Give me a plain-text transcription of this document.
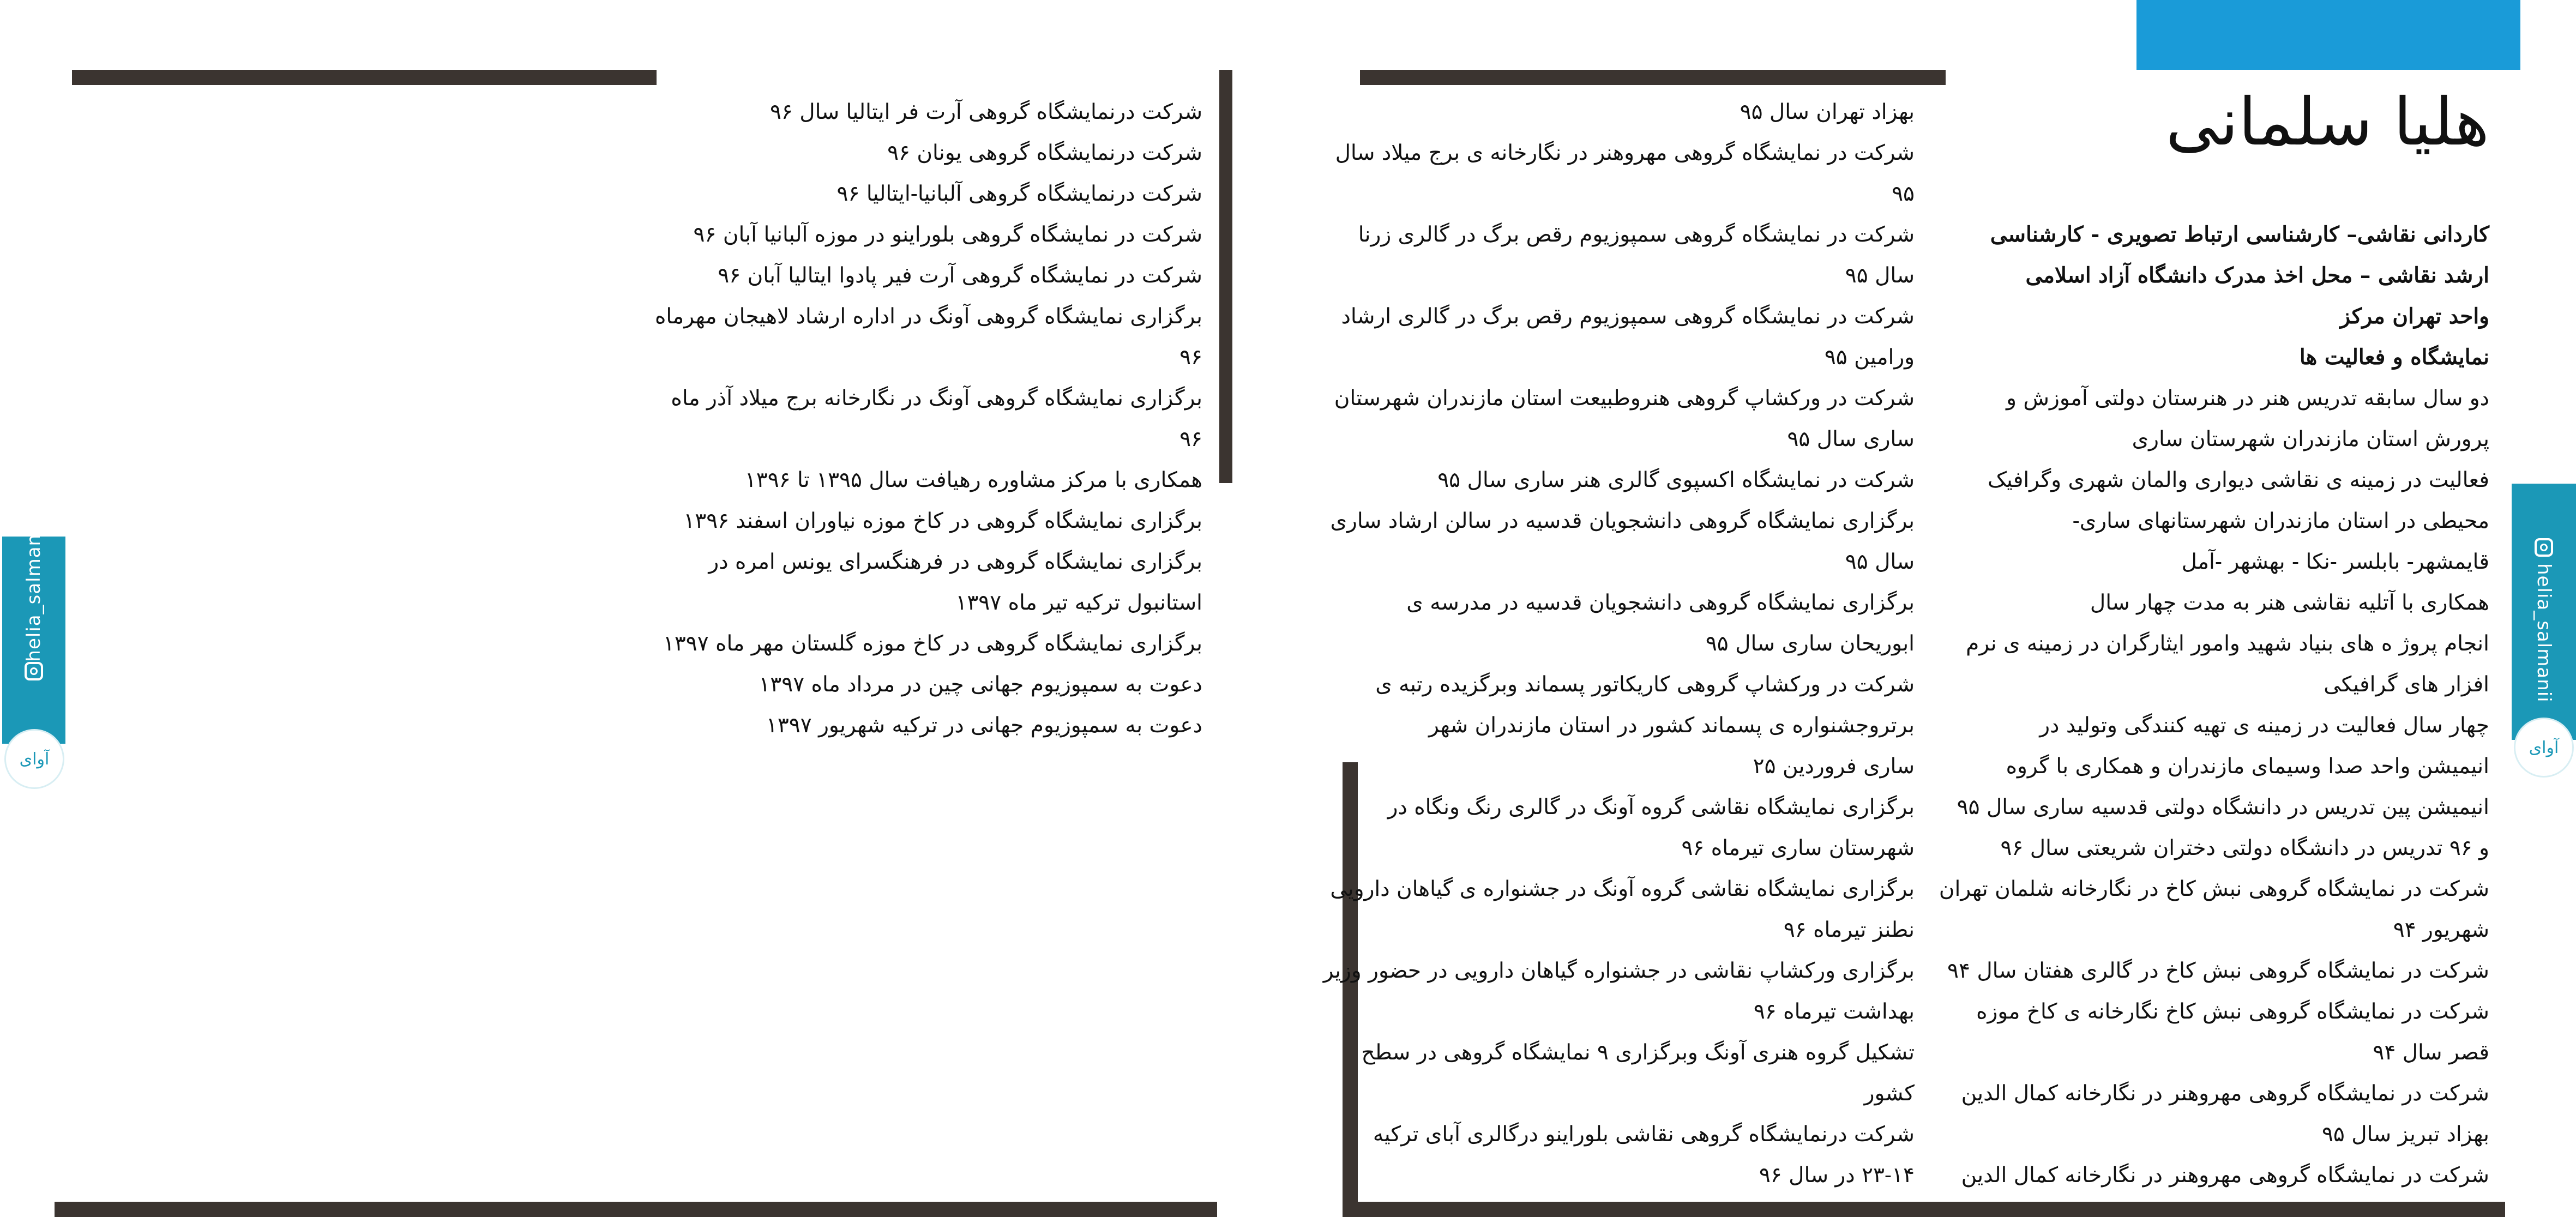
هلیا سلمانی
کاردانی نقاشی– کارشناسی ارتباط تصویری - کارشناسی
ارشد نقاشی – محل اخذ مدرک دانشگاه آزاد اسلامی
واحد تهران مرکز
نمایشگاه و فعالیت ها
دو سال سابقه تدریس هنر در هنرستان دولتی آموزش و
پرورش استان مازندران شهرستان ساری
فعالیت در زمینه ی نقاشی دیواری والمان شهری وگرافیک
محیطی در استان مازندران شهرستانهای ساری-
قایمشهر- بابلسر -نکا - بهشهر -آمل
همکاری با آتلیه نقاشی هنر به مدت چهار سال
انجام پروژ ه های بنیاد شهید وامور ایثارگران در زمینه ی نرم
افزار های گرافیکی
چهار سال فعالیت در زمینه ی تهیه کنندگی وتولید در
انیمیشن واحد صدا وسیمای مازندران و همکاری با گروه
انیمیشن پین تدریس در دانشگاه دولتی قدسیه ساری سال ۹۵
و ۹۶ تدریس در دانشگاه دولتی دختران شریعتی سال ۹۶
شرکت در نمایشگاه گروهی نبش کاخ در نگارخانه شلمان تهران
شهریور ۹۴
شرکت در نمایشگاه گروهی نبش کاخ در گالری هفتان سال ۹۴
شرکت در نمایشگاه گروهی نبش کاخ نگارخانه ی کاخ موزه
قصر سال ۹۴
شرکت در نمایشگاه گروهی مهروهنر در نگارخانه کمال الدین
بهزاد تبریز سال ۹۵
شرکت در نمایشگاه گروهی مهروهنر در نگارخانه کمال الدین
بهزاد تهران سال ۹۵
شرکت در نمایشگاه گروهی مهروهنر در نگارخانه ی برج میلاد سال
۹۵
شرکت در نمایشگاه گروهی سمپوزیوم رقص برگ در گالری زرنا
سال ۹۵
شرکت در نمایشگاه گروهی سمپوزیوم رقص برگ در گالری ارشاد
ورامین ۹۵
شرکت در ورکشاپ گروهی هنروطبیعت استان مازندران شهرستان
ساری سال ۹۵
شرکت در نمایشگاه اکسپوی گالری هنر ساری سال ۹۵
برگزاری نمایشگاه گروهی دانشجویان قدسیه در سالن ارشاد ساری
سال ۹۵
برگزاری نمایشگاه گروهی دانشجویان قدسیه در مدرسه ی
ابوریحان ساری سال ۹۵
شرکت در ورکشاپ گروهی کاریکاتور پسماند وبرگزیده رتبه ی
برتروجشنواره ی پسماند کشور در استان مازندران شهر
ساری فروردین ۲۵
برگزاری نمایشگاه نقاشی گروه آونگ در گالری رنگ ونگاه در
شهرستان ساری تیرماه ۹۶
برگزاری نمایشگاه نقاشی گروه آونگ در جشنواره ی گیاهان دارویی
نطنز تیرماه ۹۶
برگزاری ورکشاپ نقاشی در جشنواره گیاهان دارویی در حضور وزیر
بهداشت تیرماه ۹۶
تشکیل گروه هنری آونگ وبرگزاری ۹ نمایشگاه گروهی در سطح
کشور
شرکت درنمایشگاه گروهی نقاشی بلوراینو درگالری آبای ترکیه
۲۳-۱۴ در سال ۹۶
شرکت درنمایشگاه گروهی آرت فر ایتالیا سال ۹۶
شرکت درنمایشگاه گروهی یونان ۹۶
شرکت درنمایشگاه گروهی آلبانیا-ایتالیا ۹۶
شرکت در نمایشگاه گروهی بلوراینو در موزه آلبانیا آبان ۹۶
شرکت در نمایشگاه گروهی آرت فیر پادوا ایتالیا آبان ۹۶
برگزاری نمایشگاه گروهی آونگ در اداره ارشاد لاهیجان مهرماه
۹۶
برگزاری نمایشگاه گروهی آونگ در نگارخانه برج میلاد آذر ماه
۹۶
همکاری با مرکز مشاوره رهیافت سال ۱۳۹۵ تا ۱۳۹۶
برگزاری نمایشگاه گروهی در کاخ موزه نیاوران اسفند ۱۳۹۶
برگزاری نمایشگاه گروهی در فرهنگسرای یونس امره در
استانبول ترکیه تیر ماه ۱۳۹۷
برگزاری نمایشگاه گروهی در کاخ موزه گلستان مهر ماه ۱۳۹۷
دعوت به سمپوزیوم جهانی چین در مرداد ماه ۱۳۹۷
دعوت به سمپوزیوم جهانی در ترکیه شهریور ۱۳۹۷
helia_salmanii
آوای
helia_salmanii
آوای
